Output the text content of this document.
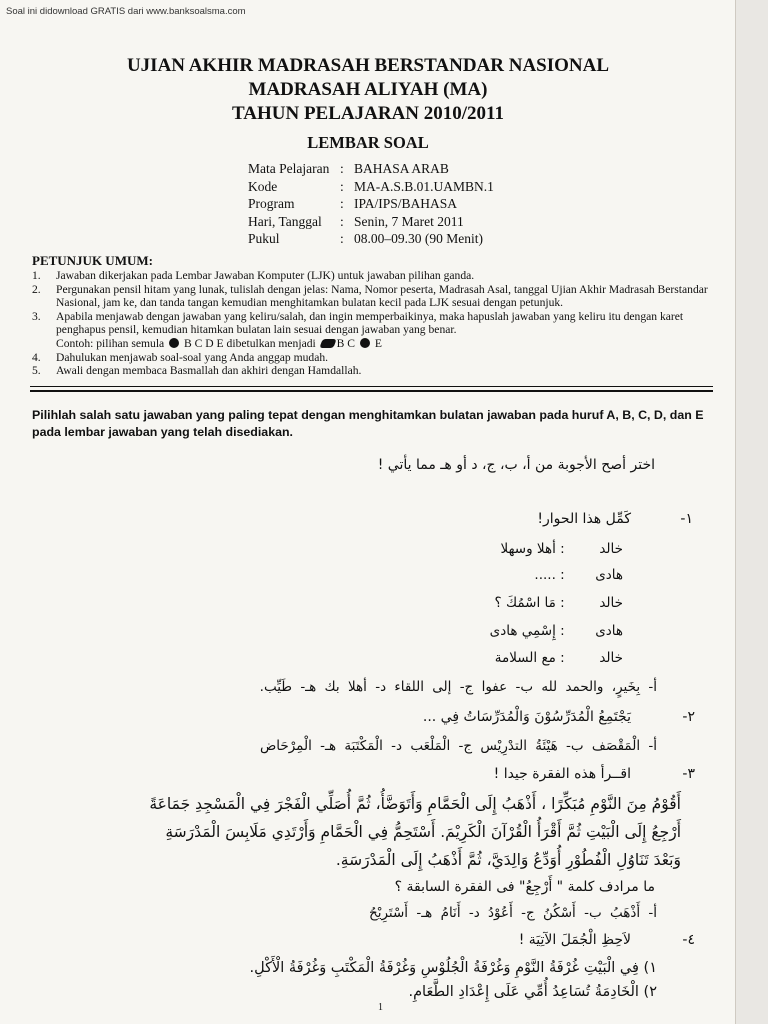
Soal ini didownload GRATIS dari www.banksoalsma.com
UJIAN AKHIR MADRASAH BERSTANDAR NASIONAL
MADRASAH ALIYAH (MA)
TAHUN PELAJARAN 2010/2011
LEMBAR SOAL
Mata Pelajaran : BAHASA ARAB
Kode	: MA-A.S.B.01.UAMBN.1
Program	: IPA/IPS/BAHASA
Hari, Tanggal	: Senin, 7 Maret 2011
Pukul	: 08.00–09.30 (90 Menit)
PETUNJUK UMUM:
1.	Jawaban dikerjakan pada Lembar Jawaban Komputer (LJK) untuk jawaban pilihan ganda.
2.	Pergunakan pensil hitam yang lunak, tulislah dengan jelas: Nama, Nomor peserta, Madrasah Asal, tanggal Ujian Akhir Madrasah Berstandar Nasional, jam ke, dan tanda tangan kemudian menghitamkan bulatan kecil pada LJK sesuai dengan petunjuk.
3.	Apabila menjawab dengan jawaban yang keliru/salah, dan ingin memperbaikinya, maka hapuslah jawaban yang keliru itu dengan karet penghapus pensil, kemudian hitamkan bulatan lain sesuai dengan jawaban yang benar.
Contoh: pilihan semula B C D E dibetulkan menjadi B C E
4.	Dahulukan menjawab soal-soal yang Anda anggap mudah.
5.	Awali dengan membaca Basmallah dan akhiri dengan Hamdallah.
Pilihlah salah satu jawaban yang paling tepat dengan menghitamkan bulatan jawaban pada huruf A, B, C, D, dan E pada lembar jawaban yang telah disediakan.
اختر أصح الأجوبة من أ، ب، ج، د أو هـ مما يأتي !
١-
كَمِّل هذا الحوار!
خالد : أهلا وسهلا
هادى : .....
خالد : مَا اسْمُكَ ؟
هادى : إِسْمِي هادى
خالد : مع السلامة
أ- بِخَيرٍ، والحمد لله ب- عفوا ج- إلى اللقاء د- أهلا بك هـ- طَيِّب.
٢-
يَجْتَمِعُ الْمُدَرِّسُوْنَ وَالْمُدَرِّسَاتُ فِي ...
أ- الْمَقْصَف ب- هَيْئَةُ التدْرِيْس ج- الْمَلْعَب د- الْمَكْتَبَة هـ- الْمِرْحَاض
٣-
اقــرأ هذه الفقرة جيدا !
أَقُوْمُ مِنَ النَّوْمِ مُبَكِّرًا ، أَذْهَبُ إِلَى الْحَمَّامِ وَأَتَوَضَّأُ، ثُمَّ أُصَلِّي الْفَجْرَ فِي الْمَسْجِدِ جَمَاعَةً
أَرْجِعُ إِلَى الْبَيْتِ ثُمَّ أَقْرَأُ الْقُرْآنَ الْكَرِيْمَ. أَسْتَحِمُّ فِي الْحَمَّامِ وَأَرْتَدِي مَلَابِسَ الْمَدْرَسَةِ
وَبَعْدَ تَنَاوُلِ الْفُطُوْرِ أُوَدِّعُ وَالِدَيَّ، ثُمَّ أَذْهَبُ إِلَى الْمَدْرَسَةِ.
ما مرادف كلمة " أَرْجِعُ" فى الفقرة السابقة ؟
أ- أَذْهَبُ ب- أَسْكُنُ ج- أَعُوْدُ د- أَنَامُ هـ- أَسْتَرِيْحُ
٤-
لاَحِظِ الْجُمَلَ الآتِيَة !
١) فِي الْبَيْتِ غُرْفَةُ النَّوْمِ وَغُرْفَةُ الْجُلُوْسِ وَغُرْفَةُ الْمَكْتَبِ وَغُرْفَةُ الْأَكْلِ.
٢) الْخَادِمَةُ تُسَاعِدُ أُمِّي عَلَى إِعْدَادِ الطَّعَامِ.
1
